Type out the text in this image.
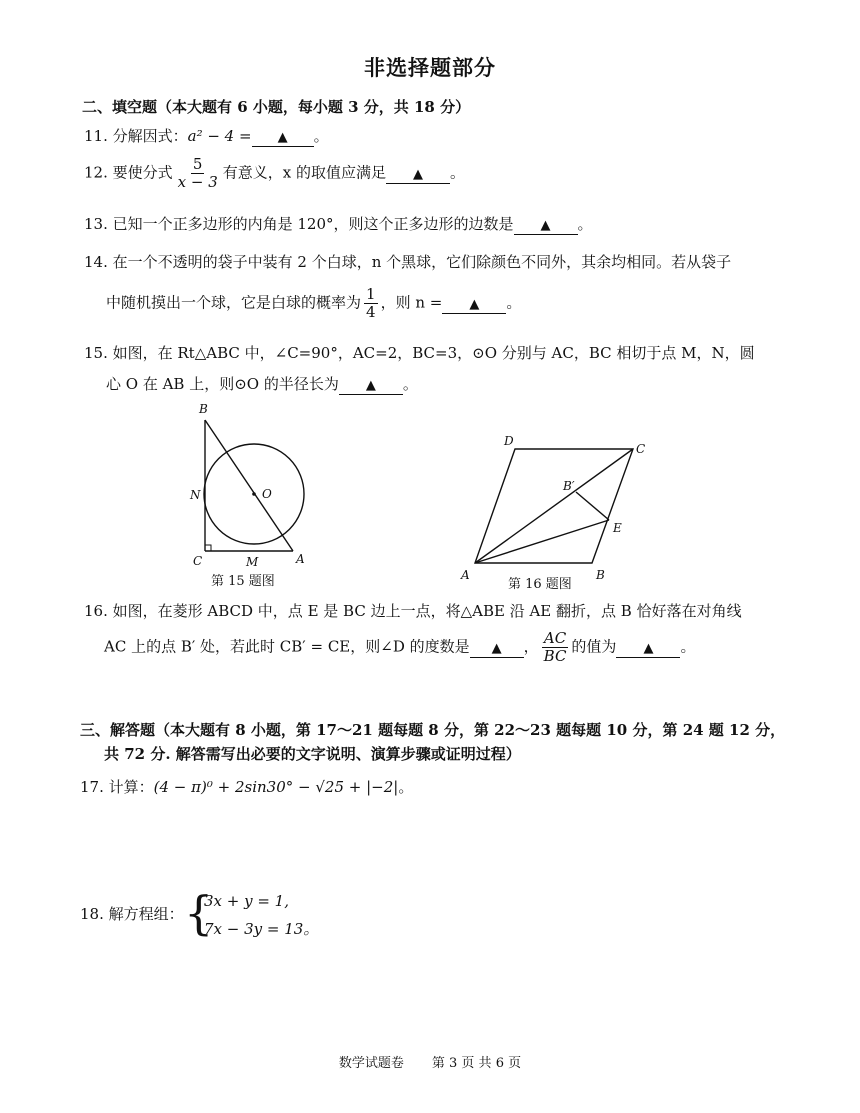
非选择题部分
二、填空题（本大题有 6 小题，每小题 3 分，共 18 分）
11. 分解因式：a² − 4 = ▲ 。
12. 要使分式 $\frac{5}{x - 3}$ 有意义，x 的取值应满足 ▲ 。
13. 已知一个正多边形的内角是 120°，则这个正多边形的边数是 ▲ 。
14. 在一个不透明的袋子中装有 2 个白球，n 个黑球，它们除颜色不同外，其余均相同。若从袋子
中随机摸出一个球，它是白球的概率为 $\frac{1}{4}$ ，则 n = ▲ 。
15. 如图，在 Rt△ABC 中，∠C=90°，AC=2，BC=3，⊙O 分别与 AC，BC 相切于点 M，N，圆
心 O 在 AB 上，则⊙O 的半径长为 ▲ 。
B
N	O
C	M	A
第 15 题图
D
C
B′
E
A	B
第 16 题图
16. 如图，在菱形 ABCD 中，点 E 是 BC 边上一点，将△ABE 沿 AE 翻折，点 B 恰好落在对角线
AC 上的点 B′ 处，若此时 CB′ = CE，则∠D 的度数是 ▲ ， $\frac{AC}{BC}$ 的值为 ▲ 。
三、解答题（本大题有 8 小题，第 17～21 题每题 8 分，第 22～23 题每题 10 分，第 24 题 12 分，
共 72 分. 解答需写出必要的文字说明、演算步骤或证明过程）
17. 计算：(4 − π)⁰ + 2sin30° − √25 + |−2|。
18. 解方程组： {
3x + y = 1,
7x − 3y = 13。
数学试题卷 第 3 页 共 6 页
